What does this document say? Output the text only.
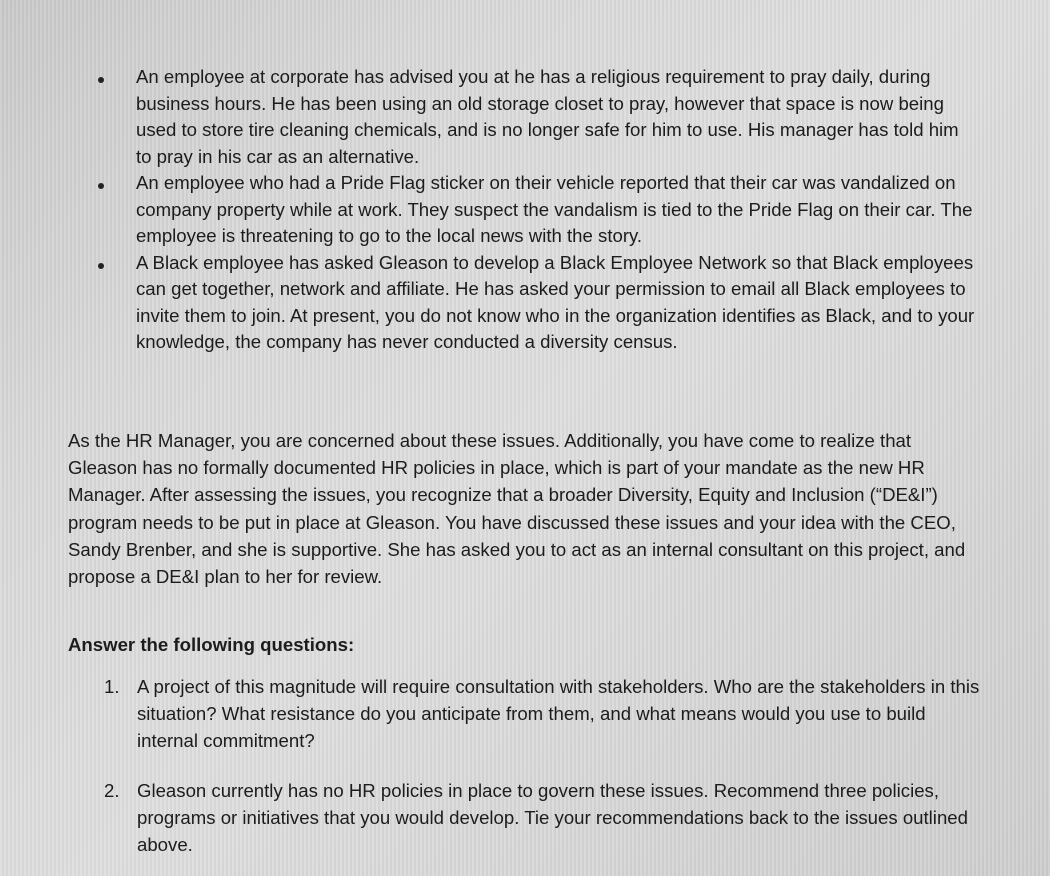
An employee at corporate has advised you at he has a religious requirement to pray daily, during business hours. He has been using an old storage closet to pray, however that space is now being used to store tire cleaning chemicals, and is no longer safe for him to use. His manager has told him to pray in his car as an alternative.
An employee who had a Pride Flag sticker on their vehicle reported that their car was vandalized on company property while at work. They suspect the vandalism is tied to the Pride Flag on their car. The employee is threatening to go to the local news with the story.
A Black employee has asked Gleason to develop a Black Employee Network so that Black employees can get together, network and affiliate. He has asked your permission to email all Black employees to invite them to join. At present, you do not know who in the organization identifies as Black, and to your knowledge, the company has never conducted a diversity census.

As the HR Manager, you are concerned about these issues. Additionally, you have come to realize that Gleason has no formally documented HR policies in place, which is part of your mandate as the new HR Manager. After assessing the issues, you recognize that a broader Diversity, Equity and Inclusion (“DE&I”) program needs to be put in place at Gleason. You have discussed these issues and your idea with the CEO, Sandy Brenber, and she is supportive. She has asked you to act as an internal consultant on this project, and propose a DE&I plan to her for review.

Answer the following questions:

1. A project of this magnitude will require consultation with stakeholders. Who are the stakeholders in this situation? What resistance do you anticipate from them, and what means would you use to build internal commitment?
2. Gleason currently has no HR policies in place to govern these issues. Recommend three policies, programs or initiatives that you would develop. Tie your recommendations back to the issues outlined above.
